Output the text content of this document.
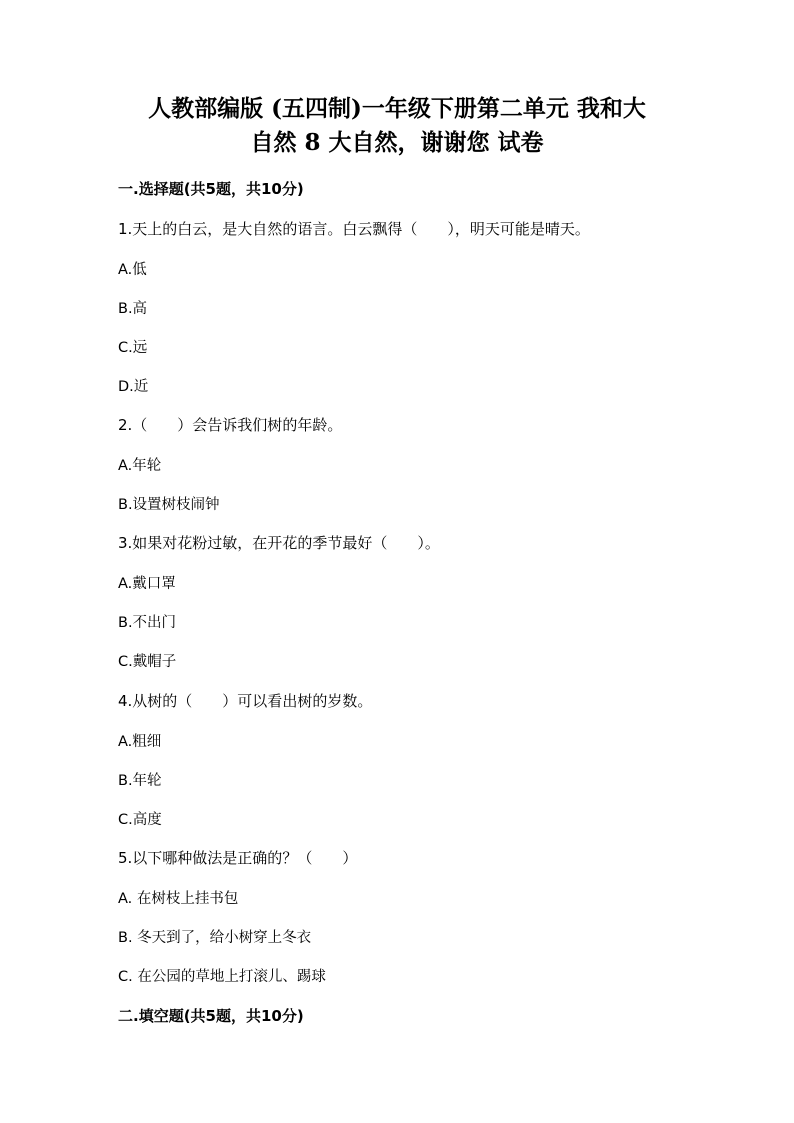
人教部编版 (五四制)一年级下册第二单元 我和大
自然 8 大自然，谢谢您 试卷
一.选择题(共5题，共10分)
1.天上的白云，是大自然的语言。白云飘得（　　），明天可能是晴天。
A.低
B.高
C.远
D.近
2.（　　）会告诉我们树的年龄。
A.年轮
B.设置树枝闹钟
3.如果对花粉过敏，在开花的季节最好（　　）。
A.戴口罩
B.不出门
C.戴帽子
4.从树的（　　）可以看出树的岁数。
A.粗细
B.年轮
C.高度
5.以下哪种做法是正确的？（　　）
A. 在树枝上挂书包
B. 冬天到了，给小树穿上冬衣
C. 在公园的草地上打滚儿、踢球
二.填空题(共5题，共10分)
